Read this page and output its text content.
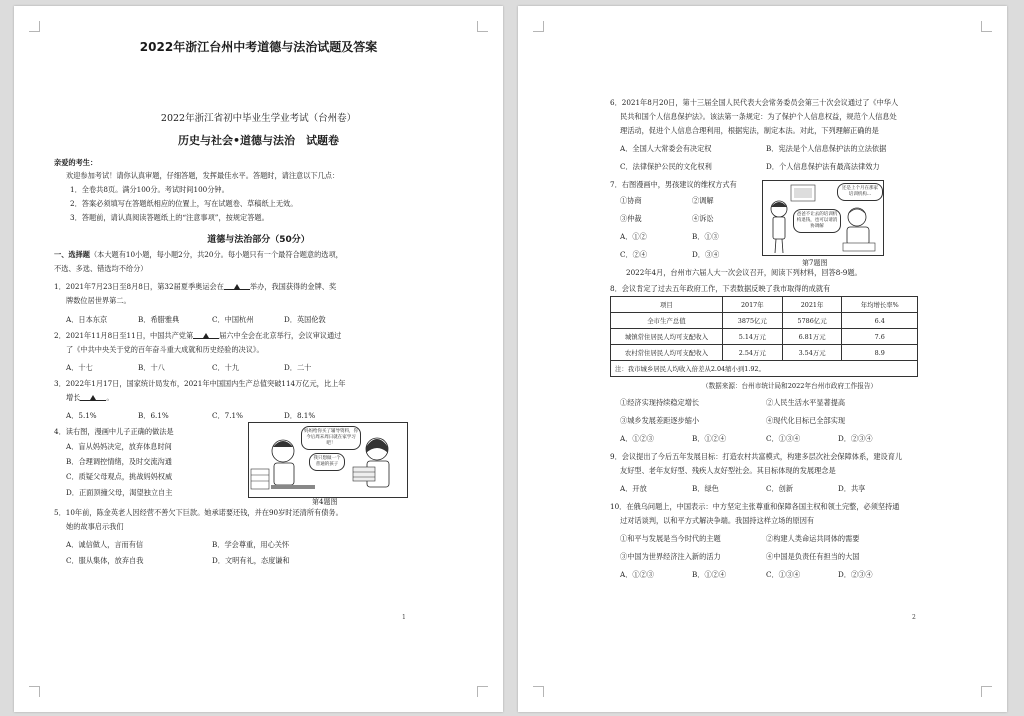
2022年浙江台州中考道德与法治试题及答案
2022年浙江省初中毕业生学业考试（台州卷）
历史与社会•道德与法治　试题卷
亲爱的考生：
欢迎参加考试！请你认真审题，仔细答题，发挥最佳水平。答题时，请注意以下几点：
1．全卷共8页。满分100分。考试时间100分钟。
2．答案必须填写在答题纸相应的位置上，写在试题卷、草稿纸上无效。
3．答题前，请认真阅读答题纸上的“注意事项”，按规定答题。
道德与法治部分（50分）
一、选择题（本大题有10小题，每小题2分，共20分。每小题只有一个最符合题意的选项，
不选、多选、错选均不给分）
1．2021年7月23日至8月8日，第32届夏季奥运会在	举办，我国获得的金牌、奖
牌数位居世界第二。
A．日本东京	B．希腊雅典	C．中国杭州	D．英国伦敦
2．2021年11月8日至11日，中国共产党第	届六中全会在北京举行，会议审议通过
了《中共中央关于党的百年奋斗重大成就和历史经验的决议》。
A．十七	B．十八	C．十九	D．二十
3．2022年1月17日，国家统计局发布，2021年中国国内生产总值突破114万亿元，比上年
增长	。
A．5.1%	B．6.1%	C．7.1%	D．8.1%
4．读右图，漫画中儿子正确的做法是
A．盲从妈妈决定，放弃体息时间
B．合理调控情绪，及时交流沟通
C．质疑父母观点，挑战妈妈权威
D．正面顶撞父母，渴望独立自主
妈妈给你买了辅导资料，你今后周末周日就在家学习吧！
我只想做一个普通的孩子
第4题图
5．10年前，陈金英老人因经营不善欠下巨款。她承诺要还钱，并在90岁时还清所有债务。
她的故事启示我们
A．诚信做人，言而有信	B．学会尊重，用心关怀
C．服从集体，放弃自我	D．文明有礼，态度谦和
1
6．2021年8月20日，第十三届全国人民代表大会常务委员会第三十次会议通过了《中华人
民共和国个人信息保护法》。该法第一条规定：为了保护个人信息权益，规范个人信息处
理活动，促进个人信息合理利用，根据宪法，制定本法。对此，下列理解正确的是
A．全国人大常委会有决定权	B．宪法是个人信息保护法的立法依据
C．法律保护公民的文化权利	D．个人信息保护法有最高法律效力
7．右图漫画中，男孩建议的维权方式有
①协商	②调解
③仲裁	④诉讼
A．①②	B．①③
C．②④	D．③④
还是上个月在那家培训机构...
爸爸不让去的培训机构退钱，也可以请消协调解
第7题图
2022年4月，台州市六届人大一次会议召开，阅读下列材料，回答8-9题。
8．会议肯定了过去五年政府工作，下表数据反映了我市取得的成就有
项目	2017年	2021年	年均增长率%
全市生产总值	3875亿元	5786亿元	6.4
城镇常住居民人均可支配收入	5.14万元	6.81万元	7.6
农村常住居民人均可支配收入	2.54万元	3.54万元	8.9
注：我市城乡居民人均收入倍差从2.04缩小到1.92。			
（数据来源：台州市统计局和2022年台州市政府工作报告）
①经济实现持续稳定增长	②人民生活水平显著提高
③城乡发展差距逐步缩小	④现代化目标已全部实现
A．①②③	B．①②④	C．①③④	D．②③④
9．会议提出了今后五年发展目标：打造农村共富模式，构建多层次社会保障体系，建设育儿
友好型、老年友好型、残疾人友好型社会。其目标体现的发展理念是
A．开放	B．绿色	C．创新	D．共享
10．在俄乌问题上，中国表示：中方坚定主张尊重和保障各国主权和领土完整，必须坚持通
过对话谈判，以和平方式解决争端。我国持这样立场的原因有
①和平与发展是当今时代的主题	②构建人类命运共同体的需要
③中国为世界经济注入新的活力	④中国是负责任有担当的大国
A．①②③	B．①②④	C．①③④	D．②③④
2
